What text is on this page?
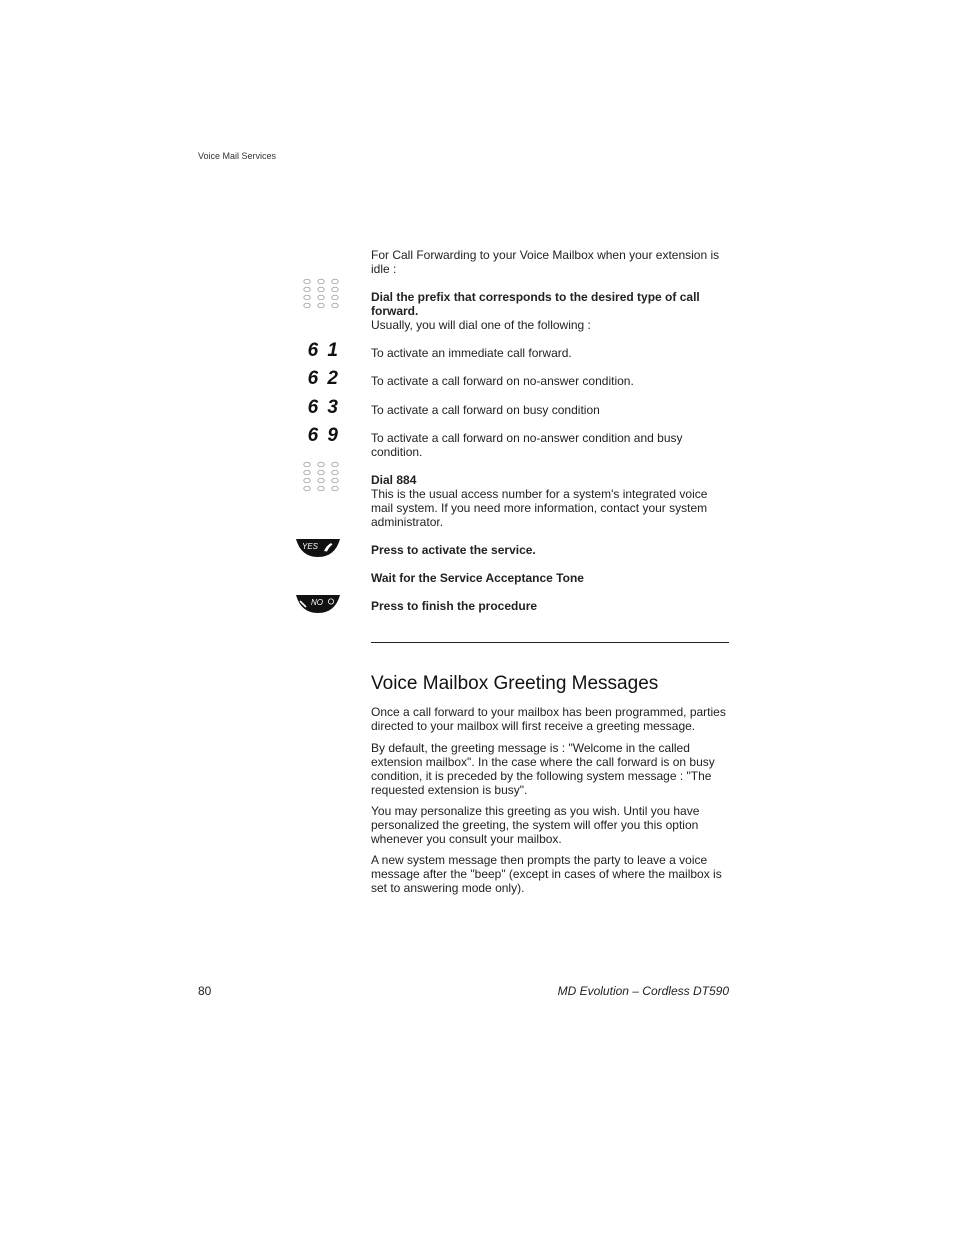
Voice Mail Services
For Call Forwarding to your Voice Mailbox when your extension is idle :
Dial the prefix that corresponds to the desired type of call forward.
Usually, you will dial one of the following :
6 1	To activate an immediate call forward.
6 2	To activate a call forward on no-answer condition.
6 3	To activate a call forward on busy condition
6 9	To activate a call forward on no-answer condition and busy condition.
Dial 884
This is the usual access number for a system's integrated voice mail system. If you need more information, contact your system administrator.
YES	Press to activate the service.
Wait for the Service Acceptance Tone
NO	Press to finish the procedure
Voice Mailbox Greeting Messages
Once a call forward to your mailbox has been programmed, parties directed to your mailbox will first receive a greeting message.
By default, the greeting message is : "Welcome in the called extension mailbox". In the case where the call forward is on busy condition, it is preceded by the following system message : "The requested extension is busy".
You may personalize this greeting as you wish. Until you have personalized the greeting, the system will offer you this option whenever you consult your mailbox.
A new system message then prompts the party to leave a voice message after the "beep" (except in cases of where the mailbox is set to answering mode only).
80	MD Evolution – Cordless DT590
